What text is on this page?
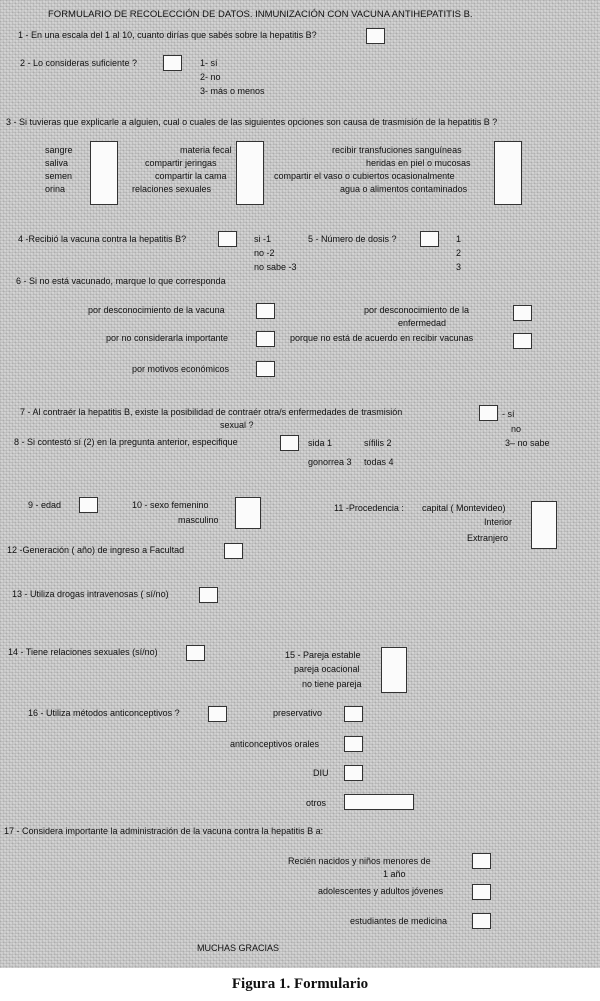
FORMULARIO DE RECOLECCIÓN DE DATOS. INMUNIZACIÓN CON VACUNA ANTIHEPATITIS B.
1 - En una escala del 1 al 10, cuanto dirías que sabés sobre la hepatitis B?
2 - Lo consideras suficiente ?	1- sí
2- no
3- más o menos
3 - Si tuvieras que explicarle a alguien, cual o cuales de las siguientes opciones son causa de trasmisión de la hepatitis B ?
sangre
saliva
semen
orina
materia fecal
compartir jeringas
compartir la cama
relaciones sexuales
recibir transfuciones sanguíneas
heridas en piel o mucosas
compartir el vaso o cubiertos ocasionalmente
agua o alimentos contaminados
4 -Recibió la vacuna contra la hepatitis B?	si -1
no -2
no sabe -3
5 - Número de dosis ?	1
2
3
6 - Si no está vacunado, marque lo que corresponda
por desconocimiento de la vacuna	por desconocimiento de la
enfermedad
por no considerarla importante	porque no está de acuerdo en recibir vacunas
por motivos económicos
7 - Al contraér la hepatitis B, existe la posibilidad de contraér otra/s enfermedades de trasmisión
sexual ?
- sí
no
3– no sabe
8 - Si contestó sí (2) en la pregunta anterior, especifique	sida 1	sífilis 2
gonorrea 3 todas 4
9 - edad	10 - sexo femenino
masculino
11 -Procedencia : capital ( Montevideo)
Interior
Extranjero
12 -Generación ( año) de ingreso a Facultad
13 - Utiliza drogas intravenosas ( sí/no)
14 - Tiene relaciones sexuales (sí/no)	15 - Pareja estable
pareja ocacional
no tiene pareja
16 - Utiliza métodos anticonceptivos ?	preservativo
anticonceptivos orales
DIU
otros
17 - Considera importante la administración de la vacuna contra la hepatitis B a:
Recién nacidos y niños menores de
1 año
adolescentes y adultos jóvenes
estudiantes de medicina
MUCHAS GRACIAS
Figura 1. Formulario
